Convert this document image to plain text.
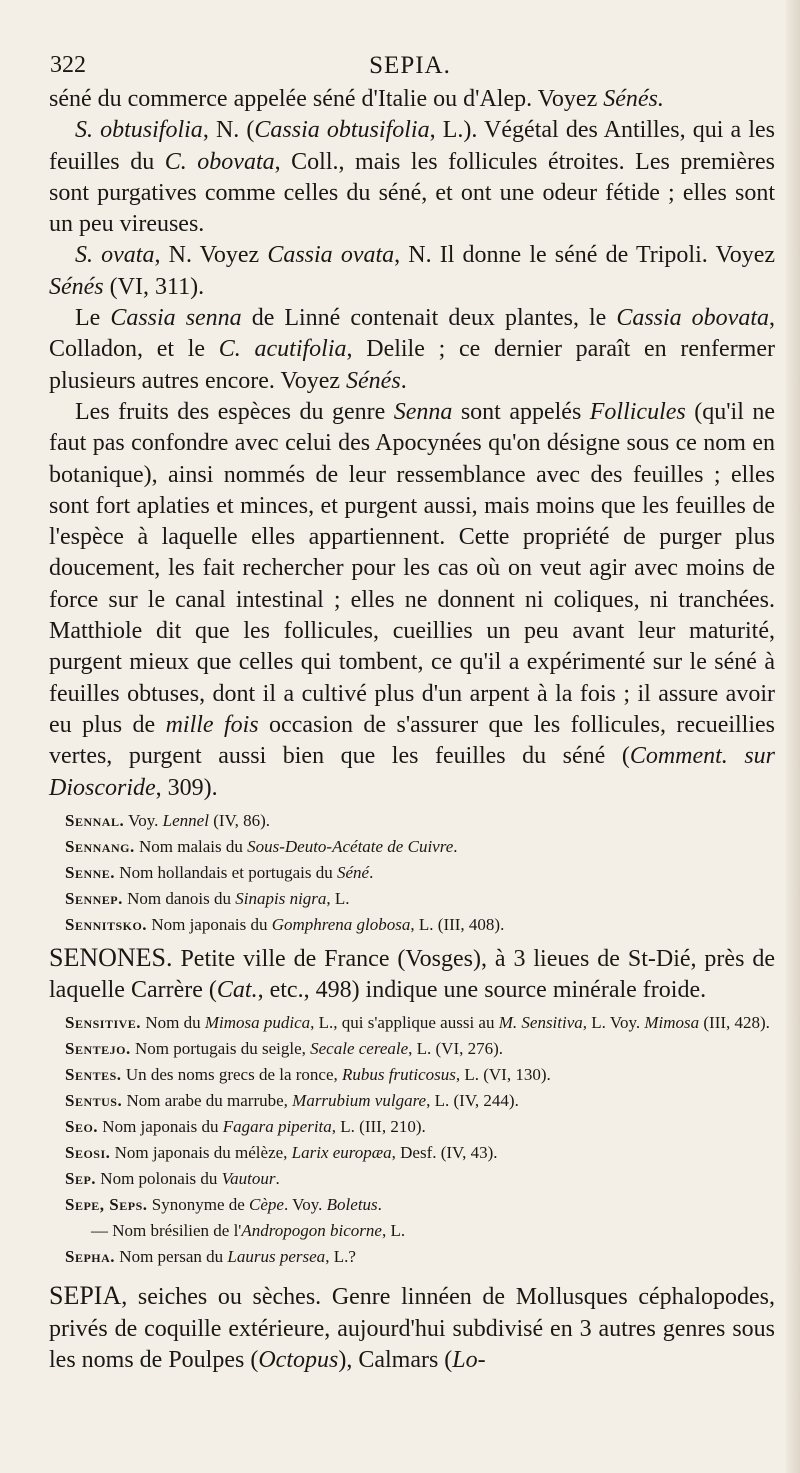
SEPIA.
322

séné du commerce appelée séné d'Italie ou d'Alep. Voyez Sénés.

S. obtusifolia, N. (Cassia obtusifolia, L.). Végétal des Antilles, qui a les feuilles du C. obovata, Coll., mais les follicules étroites. Les premières sont purgatives comme celles du séné, et ont une odeur fétide ; elles sont un peu vireuses.

S. ovata, N. Voyez Cassia ovata, N. Il donne le séné de Tripoli. Voyez Sénés (VI, 311).

Le Cassia senna de Linné contenait deux plantes, le Cassia obovata, Colladon, et le C. acutifolia, Delile ; ce dernier paraît en renfermer plusieurs autres encore. Voyez Sénés.

Les fruits des espèces du genre Senna sont appelés Follicules (qu'il ne faut pas confondre avec celui des Apocynées qu'on désigne sous ce nom en botanique), ainsi nommés de leur ressemblance avec des feuilles ; elles sont fort aplaties et minces, et purgent aussi, mais moins que les feuilles de l'espèce à laquelle elles appartiennent. Cette propriété de purger plus doucement, les fait rechercher pour les cas où on veut agir avec moins de force sur le canal intestinal ; elles ne donnent ni coliques, ni tranchées. Matthiole dit que les follicules, cueillies un peu avant leur maturité, purgent mieux que celles qui tombent, ce qu'il a expérimenté sur le séné à feuilles obtuses, dont il a cultivé plus d'un arpent à la fois ; il assure avoir eu plus de mille fois occasion de s'assurer que les follicules, recueillies vertes, purgent aussi bien que les feuilles du séné (Comment. sur Dioscoride, 309).

Sennal. Voy. Lennel (IV, 86).

Sennang. Nom malais du Sous-Deuto-Acétate de Cuivre.

Senne. Nom hollandais et portugais du Séné.

Sennep. Nom danois du Sinapis nigra, L.

Sennitsko. Nom japonais du Gomphrena globosa, L. (III, 408).

SENONES. Petite ville de France (Vosges), à 3 lieues de St-Dié, près de laquelle Carrère (Cat., etc., 498) indique une source minérale froide.

Sensitive. Nom du Mimosa pudica, L., qui s'applique aussi au M. Sensitiva, L. Voy. Mimosa (III, 428).

Sentejo. Nom portugais du seigle, Secale cereale, L. (VI, 276).

Sentes. Un des noms grecs de la ronce, Rubus fruticosus, L. (VI, 130).

Sentus. Nom arabe du marrube, Marrubium vulgare, L. (IV, 244).

Seo. Nom japonais du Fagara piperita, L. (III, 210).

Seosi. Nom japonais du mélèze, Larix europæa, Desf. (IV, 43).

Sep. Nom polonais du Vautour.

Sepe, Seps. Synonyme de Cèpe. Voy. Boletus.

— Nom brésilien de l'Andropogon bicorne, L.

Sepha. Nom persan du Laurus persea, L.?

SEPIA, seiches ou sèches. Genre linnéen de Mollusques céphalopodes, privés de coquille extérieure, aujourd'hui subdivisé en 3 autres genres sous les noms de Poulpes (Octopus), Calmars (Lo-
